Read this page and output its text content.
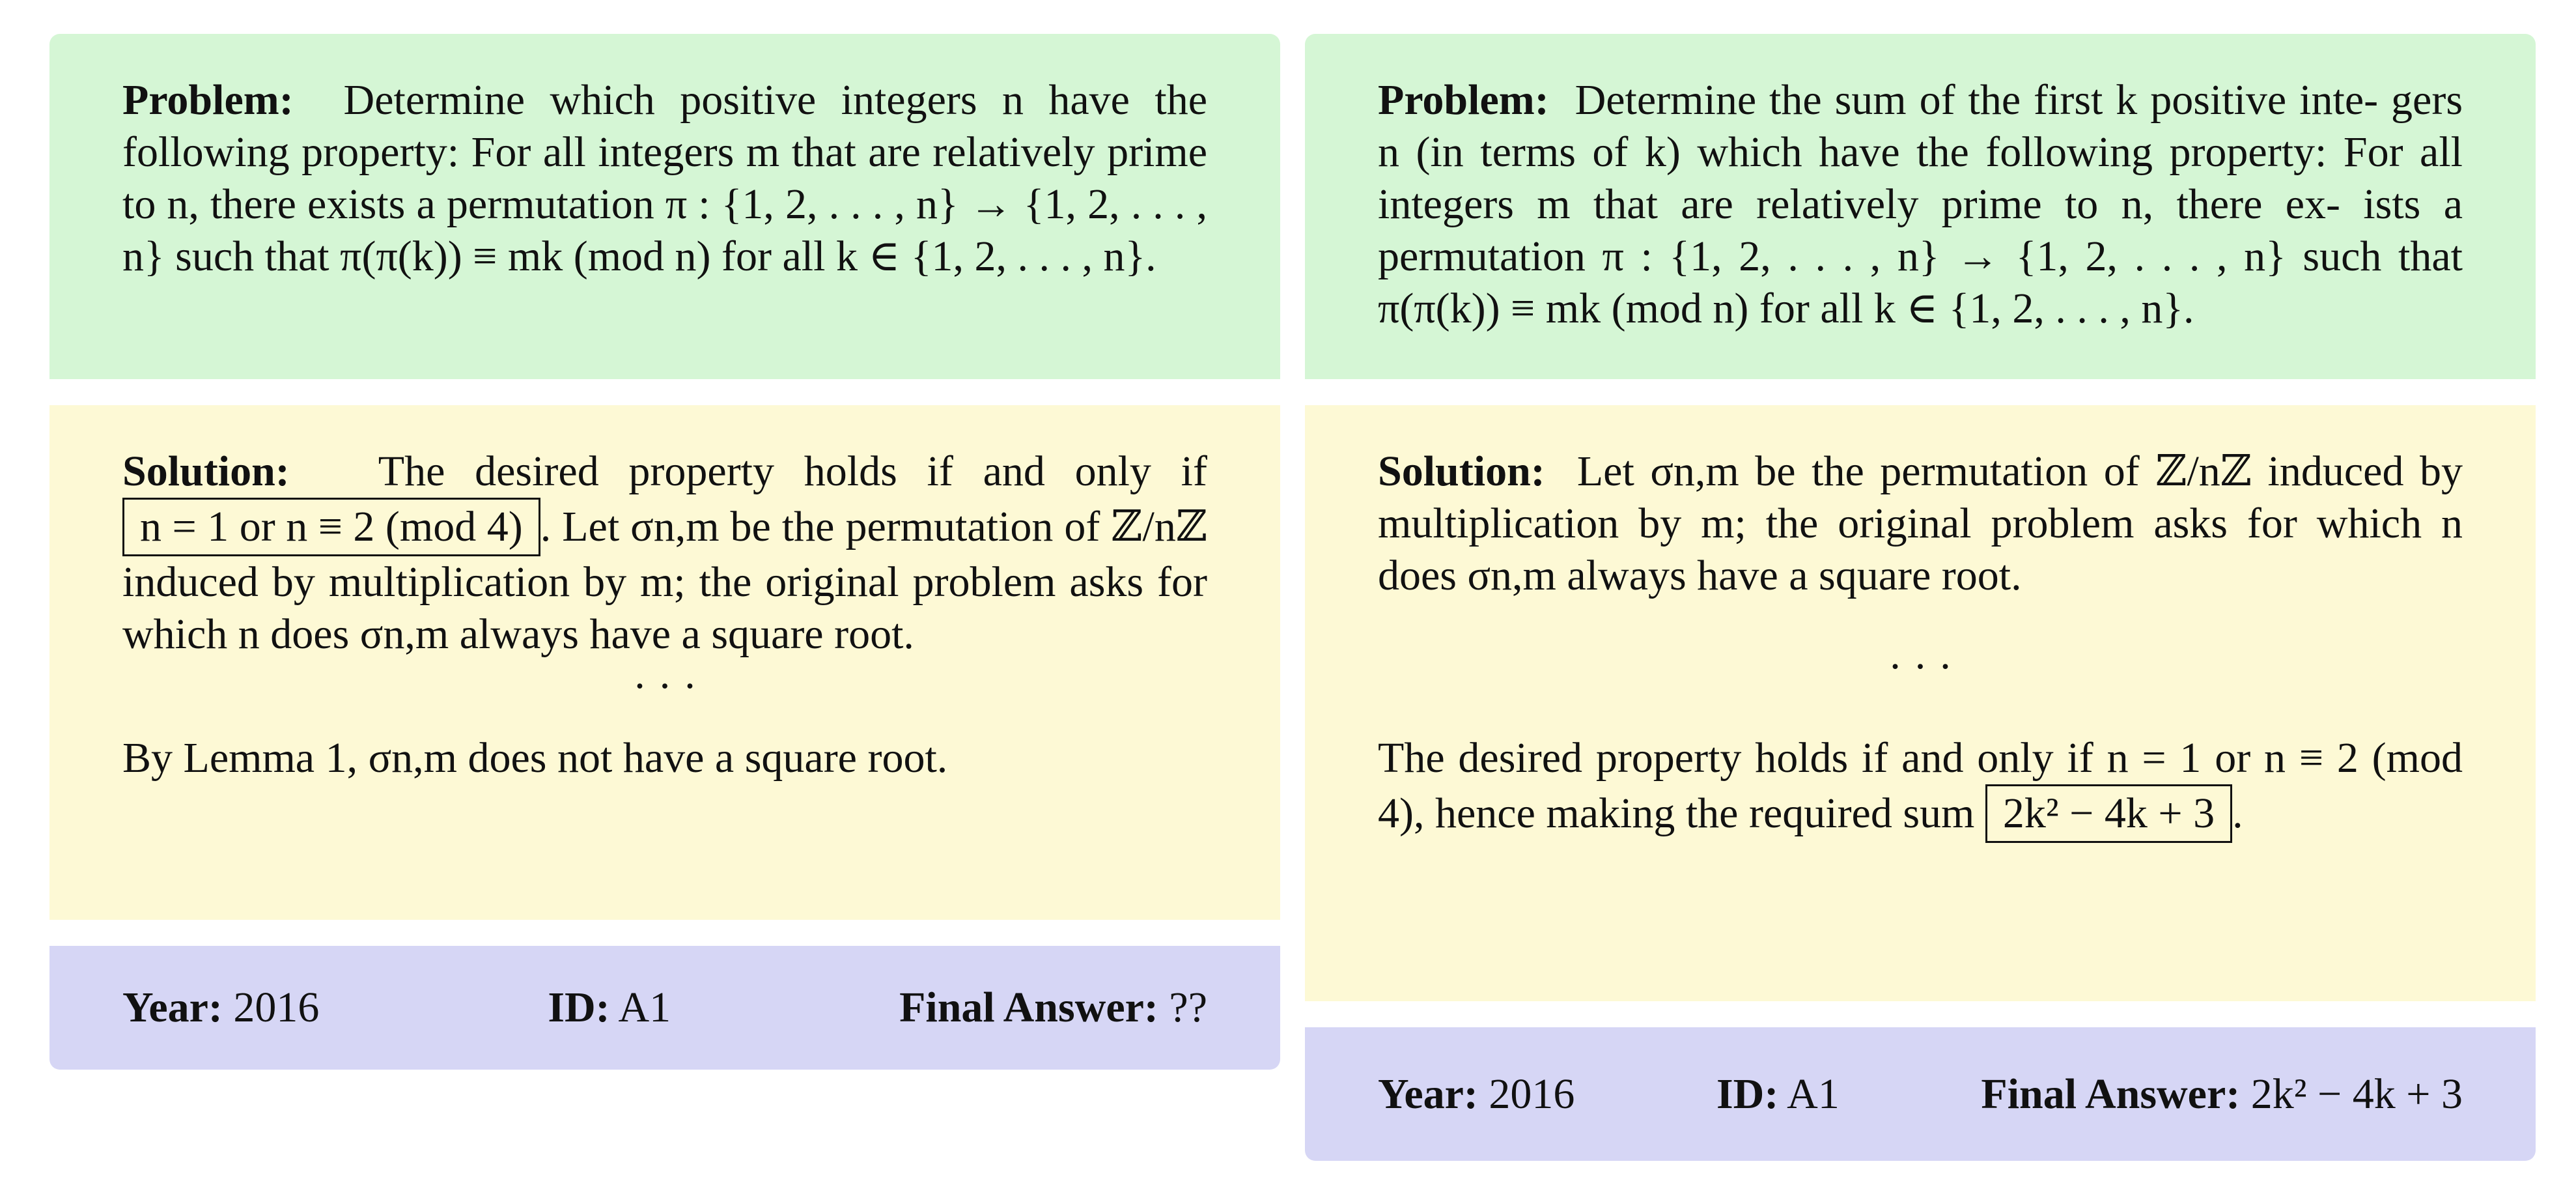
Problem: Determine which positive integers n have the following property: For all integers m that are relatively prime to n, there exists a permutation π : {1, 2, . . . , n} → {1, 2, . . . , n} such that π(π(k)) ≡ mk (mod n) for all k ∈ {1, 2, . . . , n}.

Solution: The desired property holds if and only if n = 1 or n ≡ 2 (mod 4) . Let σn,m be the permutation of ℤ/nℤ induced by multiplication by m; the original problem asks for which n does σn,m always have a square root.

· · ·

By Lemma 1, σn,m does not have a square root.

Year: 2016	ID: A1	Final Answer: ??

Problem: Determine the sum of the first k positive inte- gers n (in terms of k) which have the following property: For all integers m that are relatively prime to n, there ex- ists a permutation π : {1, 2, . . . , n} → {1, 2, . . . , n} such that π(π(k)) ≡ mk (mod n) for all k ∈ {1, 2, . . . , n}.

Solution: Let σn,m be the permutation of ℤ/nℤ induced by multiplication by m; the original problem asks for which n does σn,m always have a square root.

· · ·

The desired property holds if and only if n = 1 or n ≡ 2 (mod 4), hence making the required sum 2k² − 4k + 3 .

Year: 2016	ID: A1	Final Answer: 2k² − 4k + 3
